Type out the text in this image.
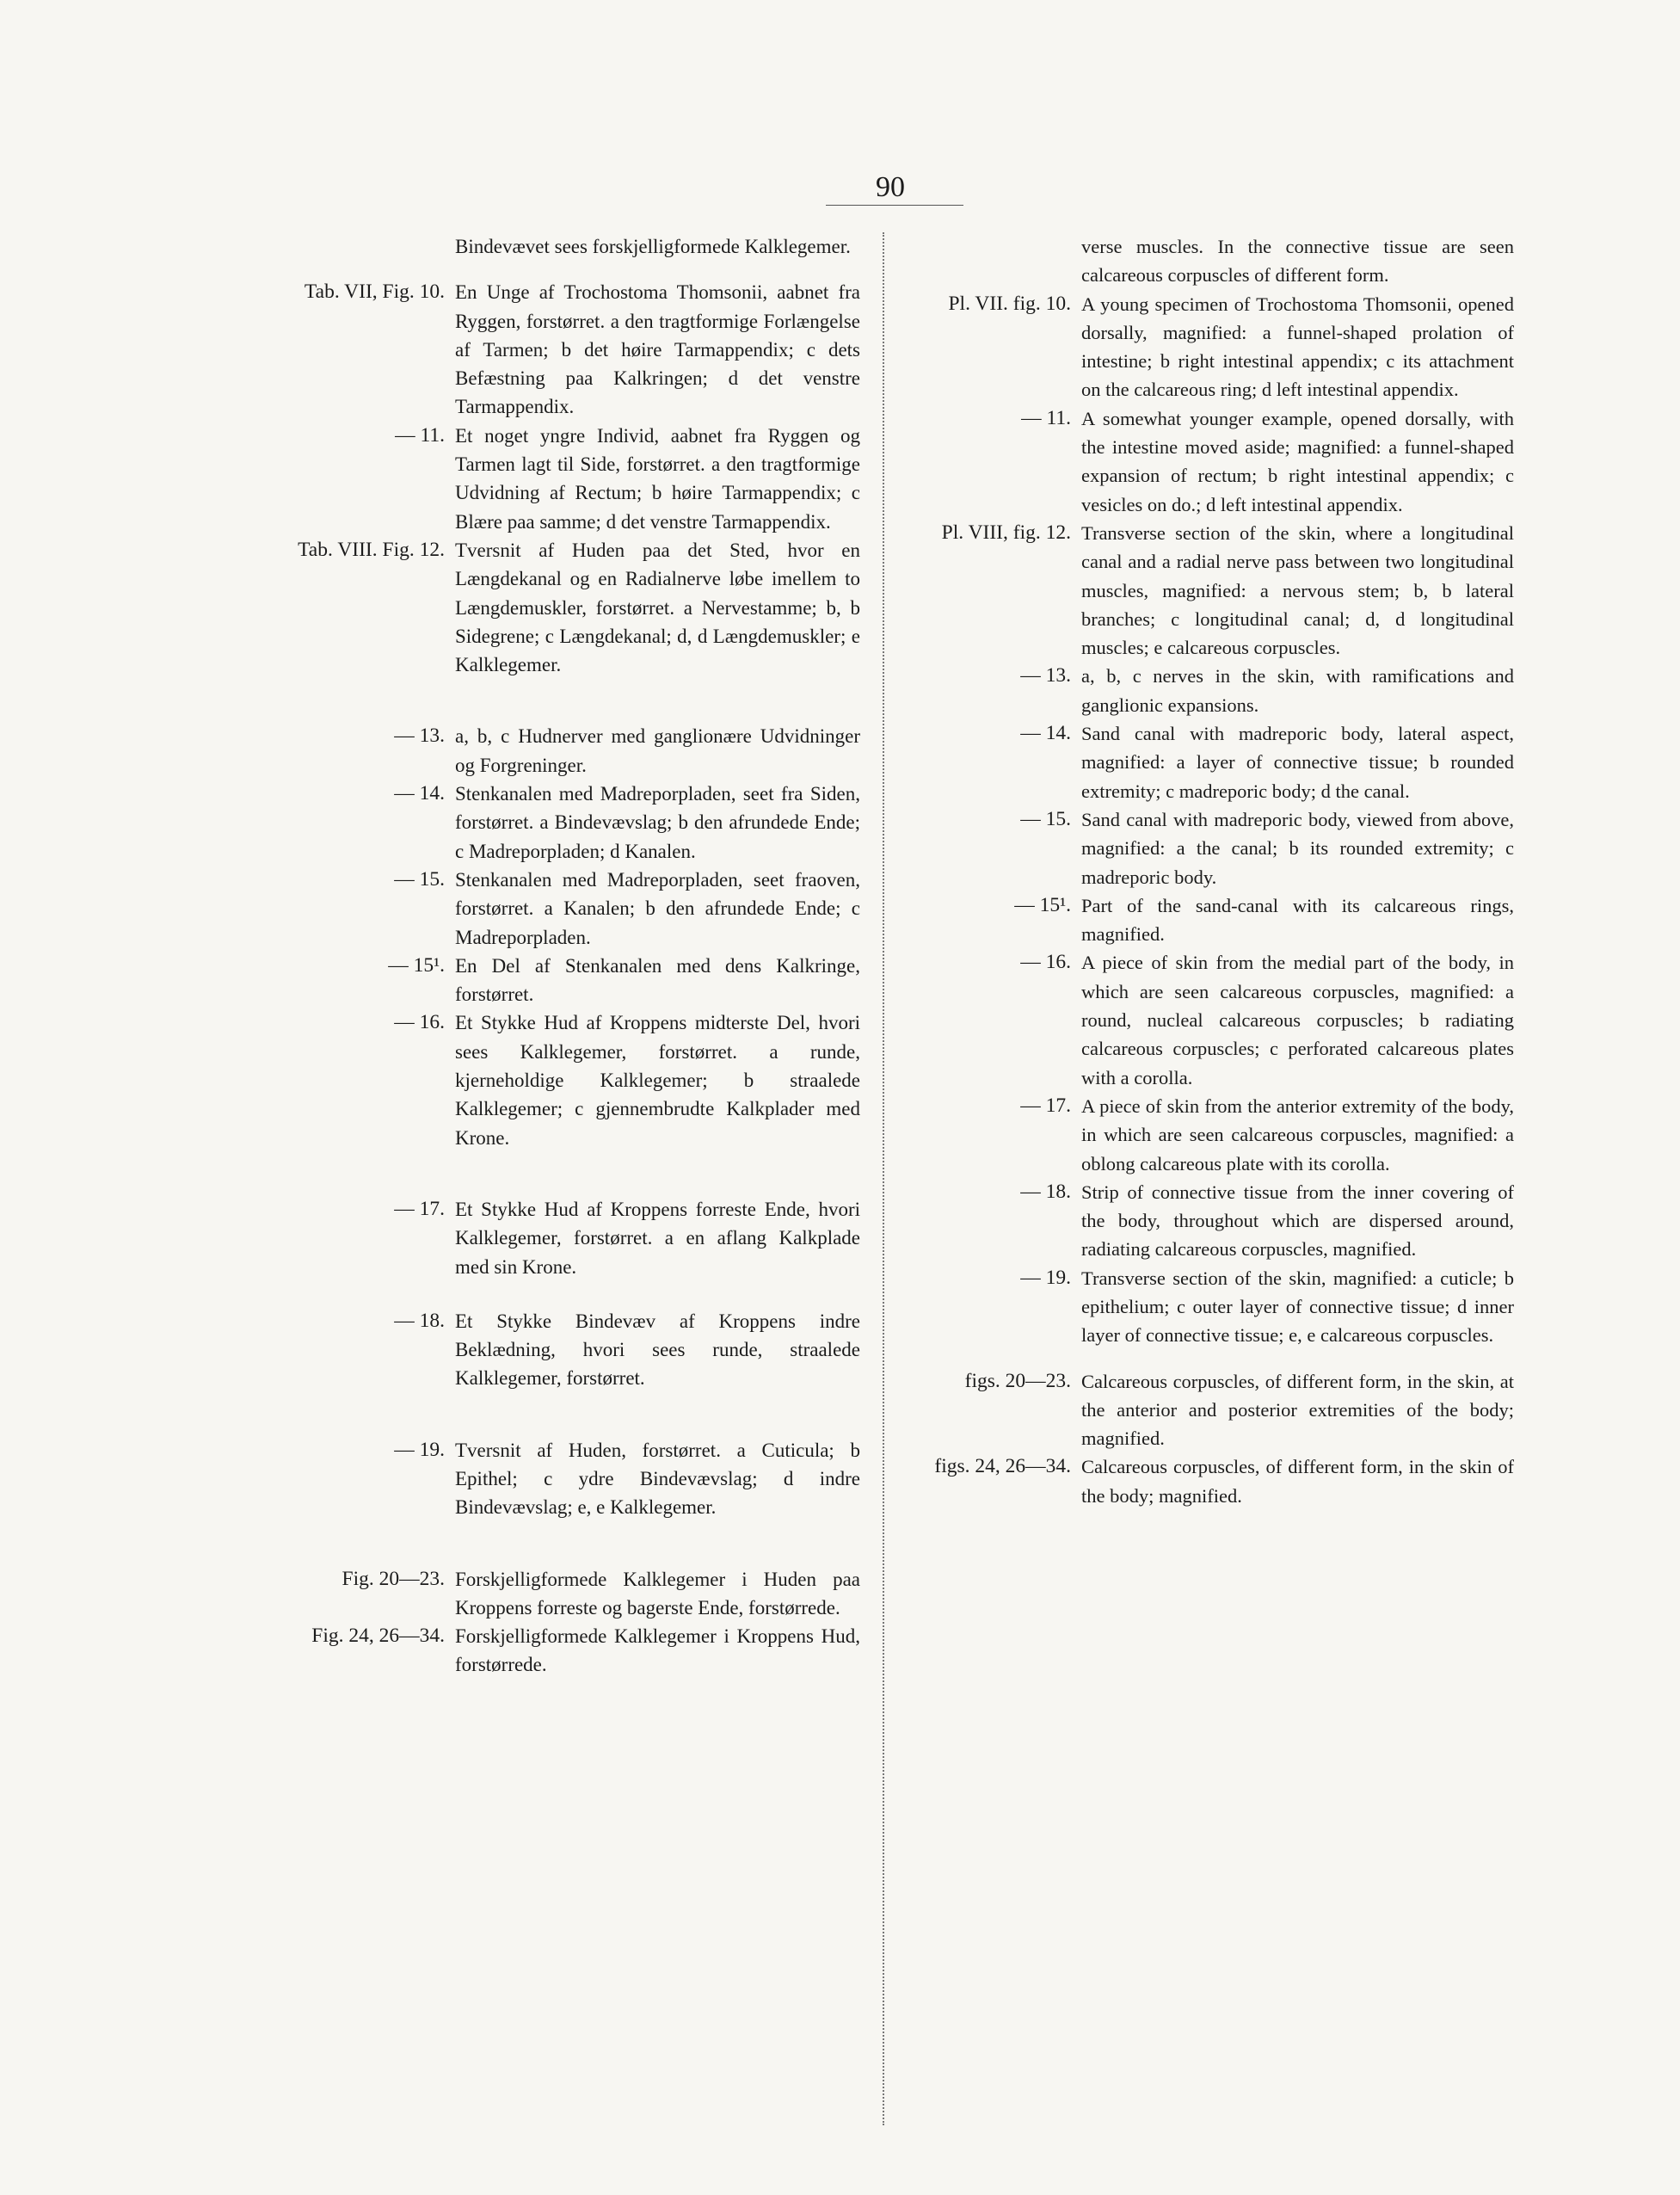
90
Bindevævet sees forskjelligformede Kalklegemer.
Tab. VII, Fig. 10. En Unge af Trochostoma Thomsonii, aabnet fra Ryggen, forstørret. a den tragtformige Forlængelse af Tarmen; b det høire Tarmappendix; c dets Befæstning paa Kalkringen; d det venstre Tarmappendix.
— 11. Et noget yngre Individ, aabnet fra Ryggen og Tarmen lagt til Side, forstørret. a den tragtformige Udvidning af Rectum; b høire Tarmappendix; c Blære paa samme; d det venstre Tarmappendix.
Tab. VIII. Fig. 12. Tversnit af Huden paa det Sted, hvor en Længdekanal og en Radialnerve løbe imellem to Længdemuskler, forstørret. a Nervestamme; b, b Sidegrene; c Længdekanal; d, d Længdemuskler; e Kalklegemer.
— 13. a, b, c Hudnerver med ganglionære Udvidninger og Forgreninger.
— 14. Stenkanalen med Madreporpladen, seet fra Siden, forstørret. a Bindevævslag; b den afrundede Ende; c Madreporpladen; d Kanalen.
— 15. Stenkanalen med Madreporpladen, seet fraoven, forstørret. a Kanalen; b den afrundede Ende; c Madreporpladen.
— 15¹. En Del af Stenkanalen med dens Kalkringe, forstørret.
— 16. Et Stykke Hud af Kroppens midterste Del, hvori sees Kalklegemer, forstørret. a runde, kjerneholdige Kalklegemer; b straalede Kalklegemer; c gjennembrudte Kalkplader med Krone.
— 17. Et Stykke Hud af Kroppens forreste Ende, hvori Kalklegemer, forstørret. a en aflang Kalkplade med sin Krone.
— 18. Et Stykke Bindevæv af Kroppens indre Beklædning, hvori sees runde, straalede Kalklegemer, forstørret.
— 19. Tversnit af Huden, forstørret. a Cuticula; b Epithel; c ydre Bindevævslag; d indre Bindevævslag; e, e Kalklegemer.
Fig. 20—23. Forskjelligformede Kalklegemer i Huden paa Kroppens forreste og bagerste Ende, forstørrede.
Fig. 24, 26—34. Forskjelligformede Kalklegemer i Kroppens Hud, forstørrede.
verse muscles. In the connective tissue are seen calcareous corpuscles of different form.
Pl. VII. fig. 10. A young specimen of Trochostoma Thomsonii, opened dorsally, magnified: a funnel-shaped prolation of intestine; b right intestinal appendix; c its attachment on the calcareous ring; d left intestinal appendix.
— 11. A somewhat younger example, opened dorsally, with the intestine moved aside; magnified: a funnel-shaped expansion of rectum; b right intestinal appendix; c vesicles on do.; d left intestinal appendix.
Pl. VIII, fig. 12. Transverse section of the skin, where a longitudinal canal and a radial nerve pass between two longitudinal muscles, magnified: a nervous stem; b, b lateral branches; c longitudinal canal; d, d longitudinal muscles; e calcareous corpuscles.
— 13. a, b, c nerves in the skin, with ramifications and ganglionic expansions.
— 14. Sand canal with madreporic body, lateral aspect, magnified: a layer of connective tissue; b rounded extremity; c madreporic body; d the canal.
— 15. Sand canal with madreporic body, viewed from above, magnified: a the canal; b its rounded extremity; c madreporic body.
— 15¹. Part of the sand-canal with its calcareous rings, magnified.
— 16. A piece of skin from the medial part of the body, in which are seen calcareous corpuscles, magnified: a round, nucleal calcareous corpuscles; b radiating calcareous corpuscles; c perforated calcareous plates with a corolla.
— 17. A piece of skin from the anterior extremity of the body, in which are seen calcareous corpuscles, magnified: a oblong calcareous plate with its corolla.
— 18. Strip of connective tissue from the inner covering of the body, throughout which are dispersed around, radiating calcareous corpuscles, magnified.
— 19. Transverse section of the skin, magnified: a cuticle; b epithelium; c outer layer of connective tissue; d inner layer of connective tissue; e, e calcareous corpuscles.
figs. 20—23. Calcareous corpuscles, of different form, in the skin, at the anterior and posterior extremities of the body; magnified.
figs. 24, 26—34. Calcareous corpuscles, of different form, in the skin of the body; magnified.
